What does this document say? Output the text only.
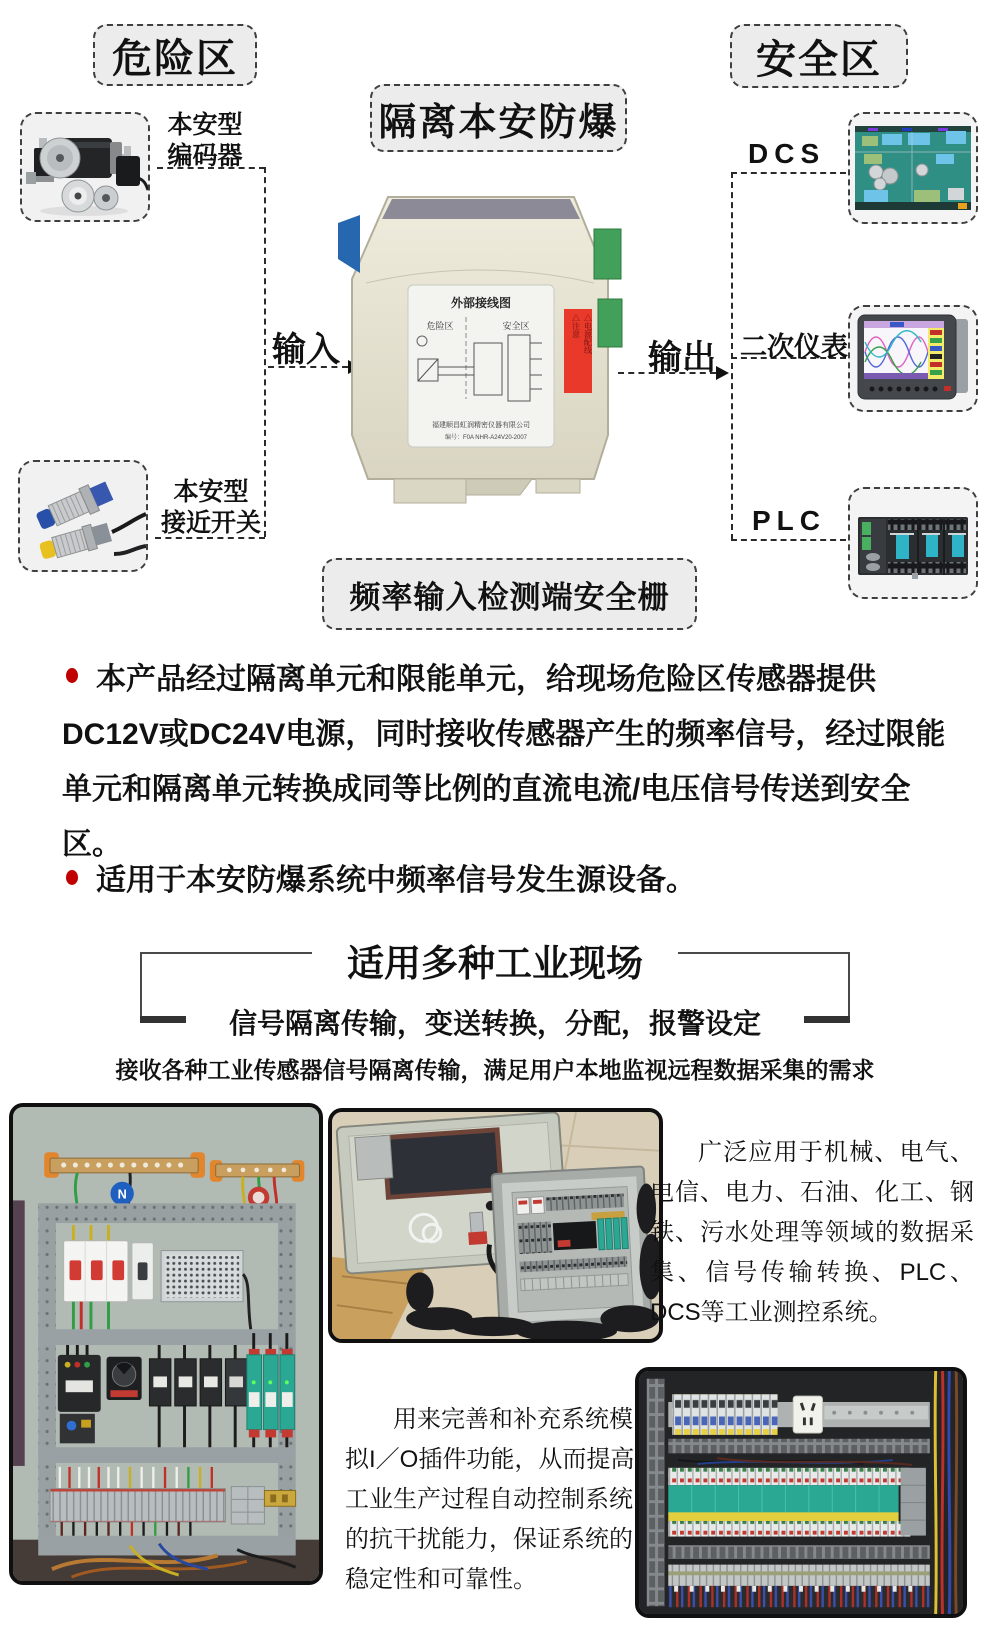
危险区	安全区
隔离本安防爆
本安型
编码器
本安型
接近开关
输入
外部接线图
危险区	安全区
福建顺昌虹润精密仪器有限公司
编号：F0A NHR-A24V20-2007
△注意 △电源配线
输出
DCS
二次仪表
PLC
频率输入检测端安全栅
本产品经过隔离单元和限能单元，给现场危险区传感器提供DC12V或DC24V电源，同时接收传感器产生的频率信号，经过限能单元和隔离单元转换成同等比例的直流电流/电压信号传送到安全区。
适用于本安防爆系统中频率信号发生源设备。
适用多种工业现场
信号隔离传输，变送转换，分配，报警设定
接收各种工业传感器信号隔离传输，满足用户本地监视远程数据采集的需求
N
广泛应用于机械、电气、电信、电力、石油、化工、钢铁、污水处理等领域的数据采集、信号传输转换、PLC、DCS等工业测控系统。
用来完善和补充系统模拟I／O插件功能，从而提高工业生产过程自动控制系统的抗干扰能力，保证系统的稳定性和可靠性。
